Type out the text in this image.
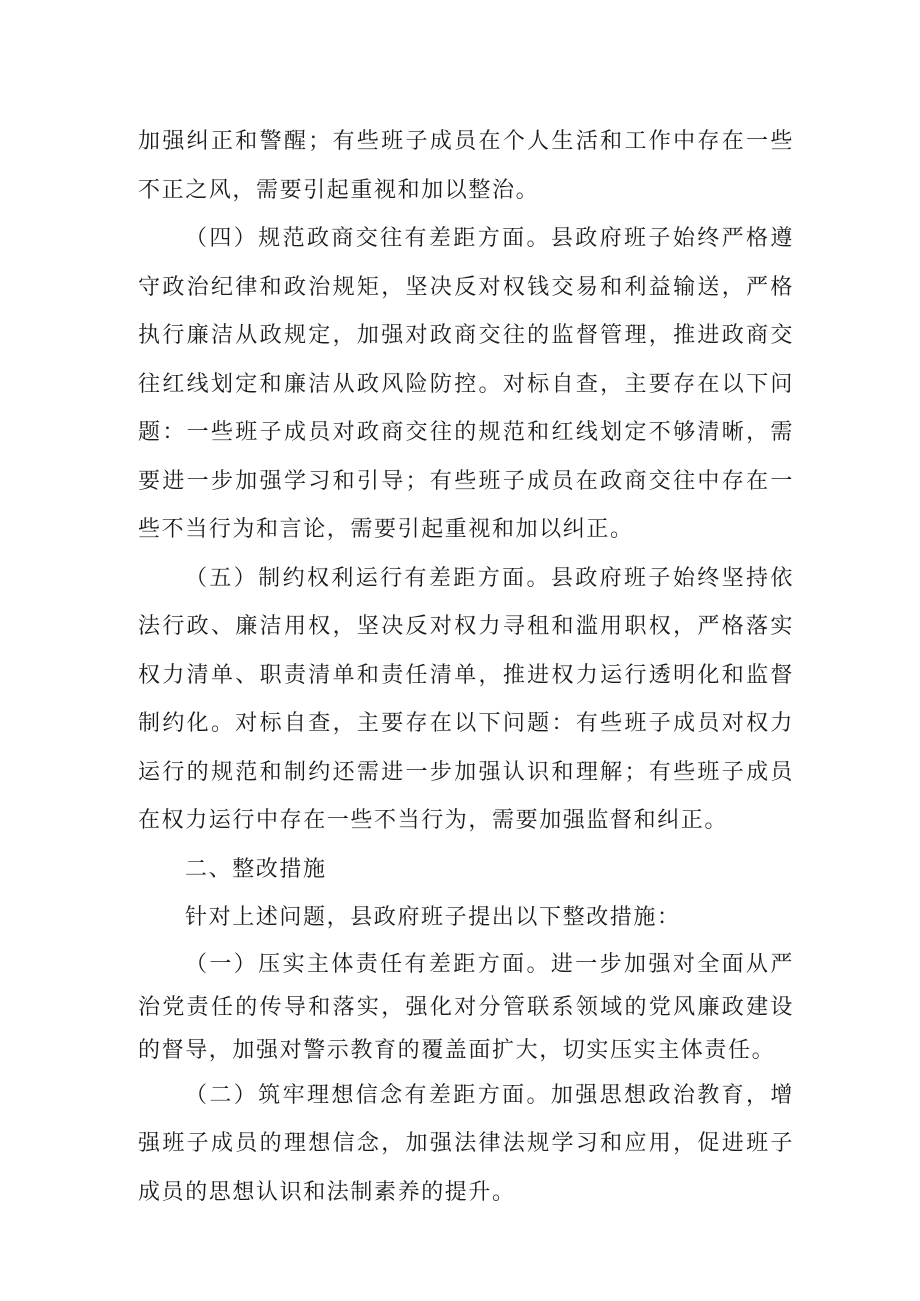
加强纠正和警醒；有些班子成员在个人生活和工作中存在一些不正之风，需要引起重视和加以整治。

（四）规范政商交往有差距方面。县政府班子始终严格遵守政治纪律和政治规矩，坚决反对权钱交易和利益输送，严格执行廉洁从政规定，加强对政商交往的监督管理，推进政商交往红线划定和廉洁从政风险防控。对标自查，主要存在以下问题：一些班子成员对政商交往的规范和红线划定不够清晰，需要进一步加强学习和引导；有些班子成员在政商交往中存在一些不当行为和言论，需要引起重视和加以纠正。

（五）制约权利运行有差距方面。县政府班子始终坚持依法行政、廉洁用权，坚决反对权力寻租和滥用职权，严格落实权力清单、职责清单和责任清单，推进权力运行透明化和监督制约化。对标自查，主要存在以下问题：有些班子成员对权力运行的规范和制约还需进一步加强认识和理解；有些班子成员在权力运行中存在一些不当行为，需要加强监督和纠正。

二、整改措施

针对上述问题，县政府班子提出以下整改措施：

（一）压实主体责任有差距方面。进一步加强对全面从严治党责任的传导和落实，强化对分管联系领域的党风廉政建设的督导，加强对警示教育的覆盖面扩大，切实压实主体责任。

（二）筑牢理想信念有差距方面。加强思想政治教育，增强班子成员的理想信念，加强法律法规学习和应用，促进班子成员的思想认识和法制素养的提升。
